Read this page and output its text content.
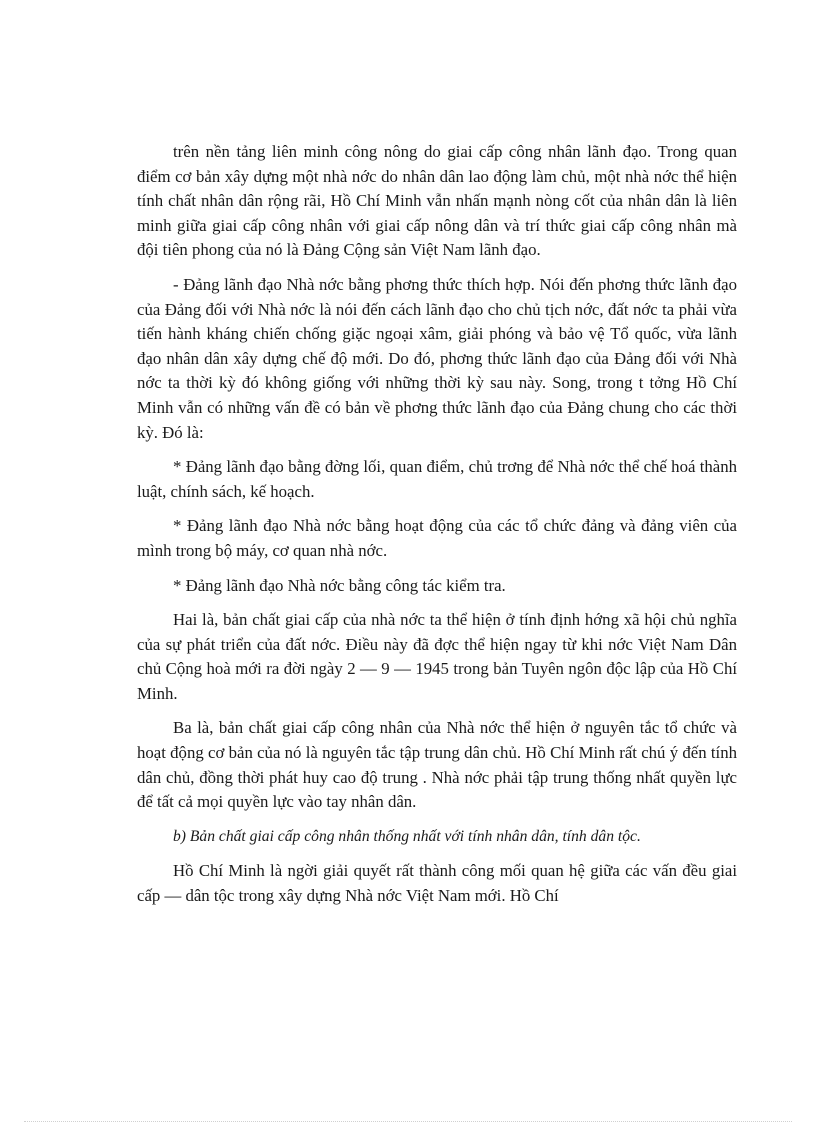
trên nền tảng liên minh công nông do giai cấp công nhân lãnh đạo. Trong quan điểm cơ bản xây dựng một nhà nớc do nhân dân lao động làm chủ, một nhà nớc thể hiện tính chất nhân dân rộng rãi, Hồ Chí Minh vẫn nhấn mạnh nòng cốt của nhân dân là liên minh giữa giai cấp công nhân với giai cấp nông dân và trí thức giai cấp công nhân mà đội tiên phong của nó là Đảng Cộng sản Việt Nam lãnh đạo.

- Đảng lãnh đạo Nhà nớc bằng phơng thức thích hợp. Nói đến phơng thức lãnh đạo của Đảng đối với Nhà nớc là nói đến cách lãnh đạo cho chủ tịch nớc, đất nớc ta phải vừa tiến hành kháng chiến chống giặc ngoại xâm, giải phóng và bảo vệ Tổ quốc, vừa lãnh đạo nhân dân xây dựng chế độ mới. Do đó, phơng thức lãnh đạo của Đảng đối với Nhà nớc ta thời kỳ đó không giống với những thời kỳ sau này. Song, trong t tởng Hồ Chí Minh vẫn có những vấn đề có bản về phơng thức lãnh đạo của Đảng chung cho các thời kỳ. Đó là:

* Đảng lãnh đạo bằng đờng lối, quan điểm, chủ trơng để Nhà nớc thể chế hoá thành luật, chính sách, kế hoạch.

* Đảng lãnh đạo Nhà nớc bằng hoạt động của các tổ chức đảng và đảng viên của mình trong bộ máy, cơ quan nhà nớc.

* Đảng lãnh đạo Nhà nớc bằng công tác kiểm tra.

Hai là, bản chất giai cấp của nhà nớc ta thể hiện ở tính định hớng xã hội chủ nghĩa của sự phát triển của đất nớc. Điều này đã đợc thể hiện ngay từ khi nớc Việt Nam Dân chủ Cộng hoà mới ra đời ngày 2 — 9 — 1945 trong bản Tuyên ngôn độc lập của Hồ Chí Minh.

Ba là, bản chất giai cấp công nhân của Nhà nớc thể hiện ở nguyên tắc tổ chức và hoạt động cơ bản của nó là nguyên tắc tập trung dân chủ. Hồ Chí Minh rất chú ý đến tính dân chủ, đồng thời phát huy cao độ trung . Nhà nớc phải tập trung thống nhất quyền lực để tất cả mọi quyền lực vào tay nhân dân.

b) Bản chất giai cấp công nhân thống nhất với tính nhân dân, tính dân tộc.

Hồ Chí Minh là ngời giải quyết rất thành công mối quan hệ giữa các vấn đều giai cấp — dân tộc trong xây dựng Nhà nớc Việt Nam mới. Hồ Chí
